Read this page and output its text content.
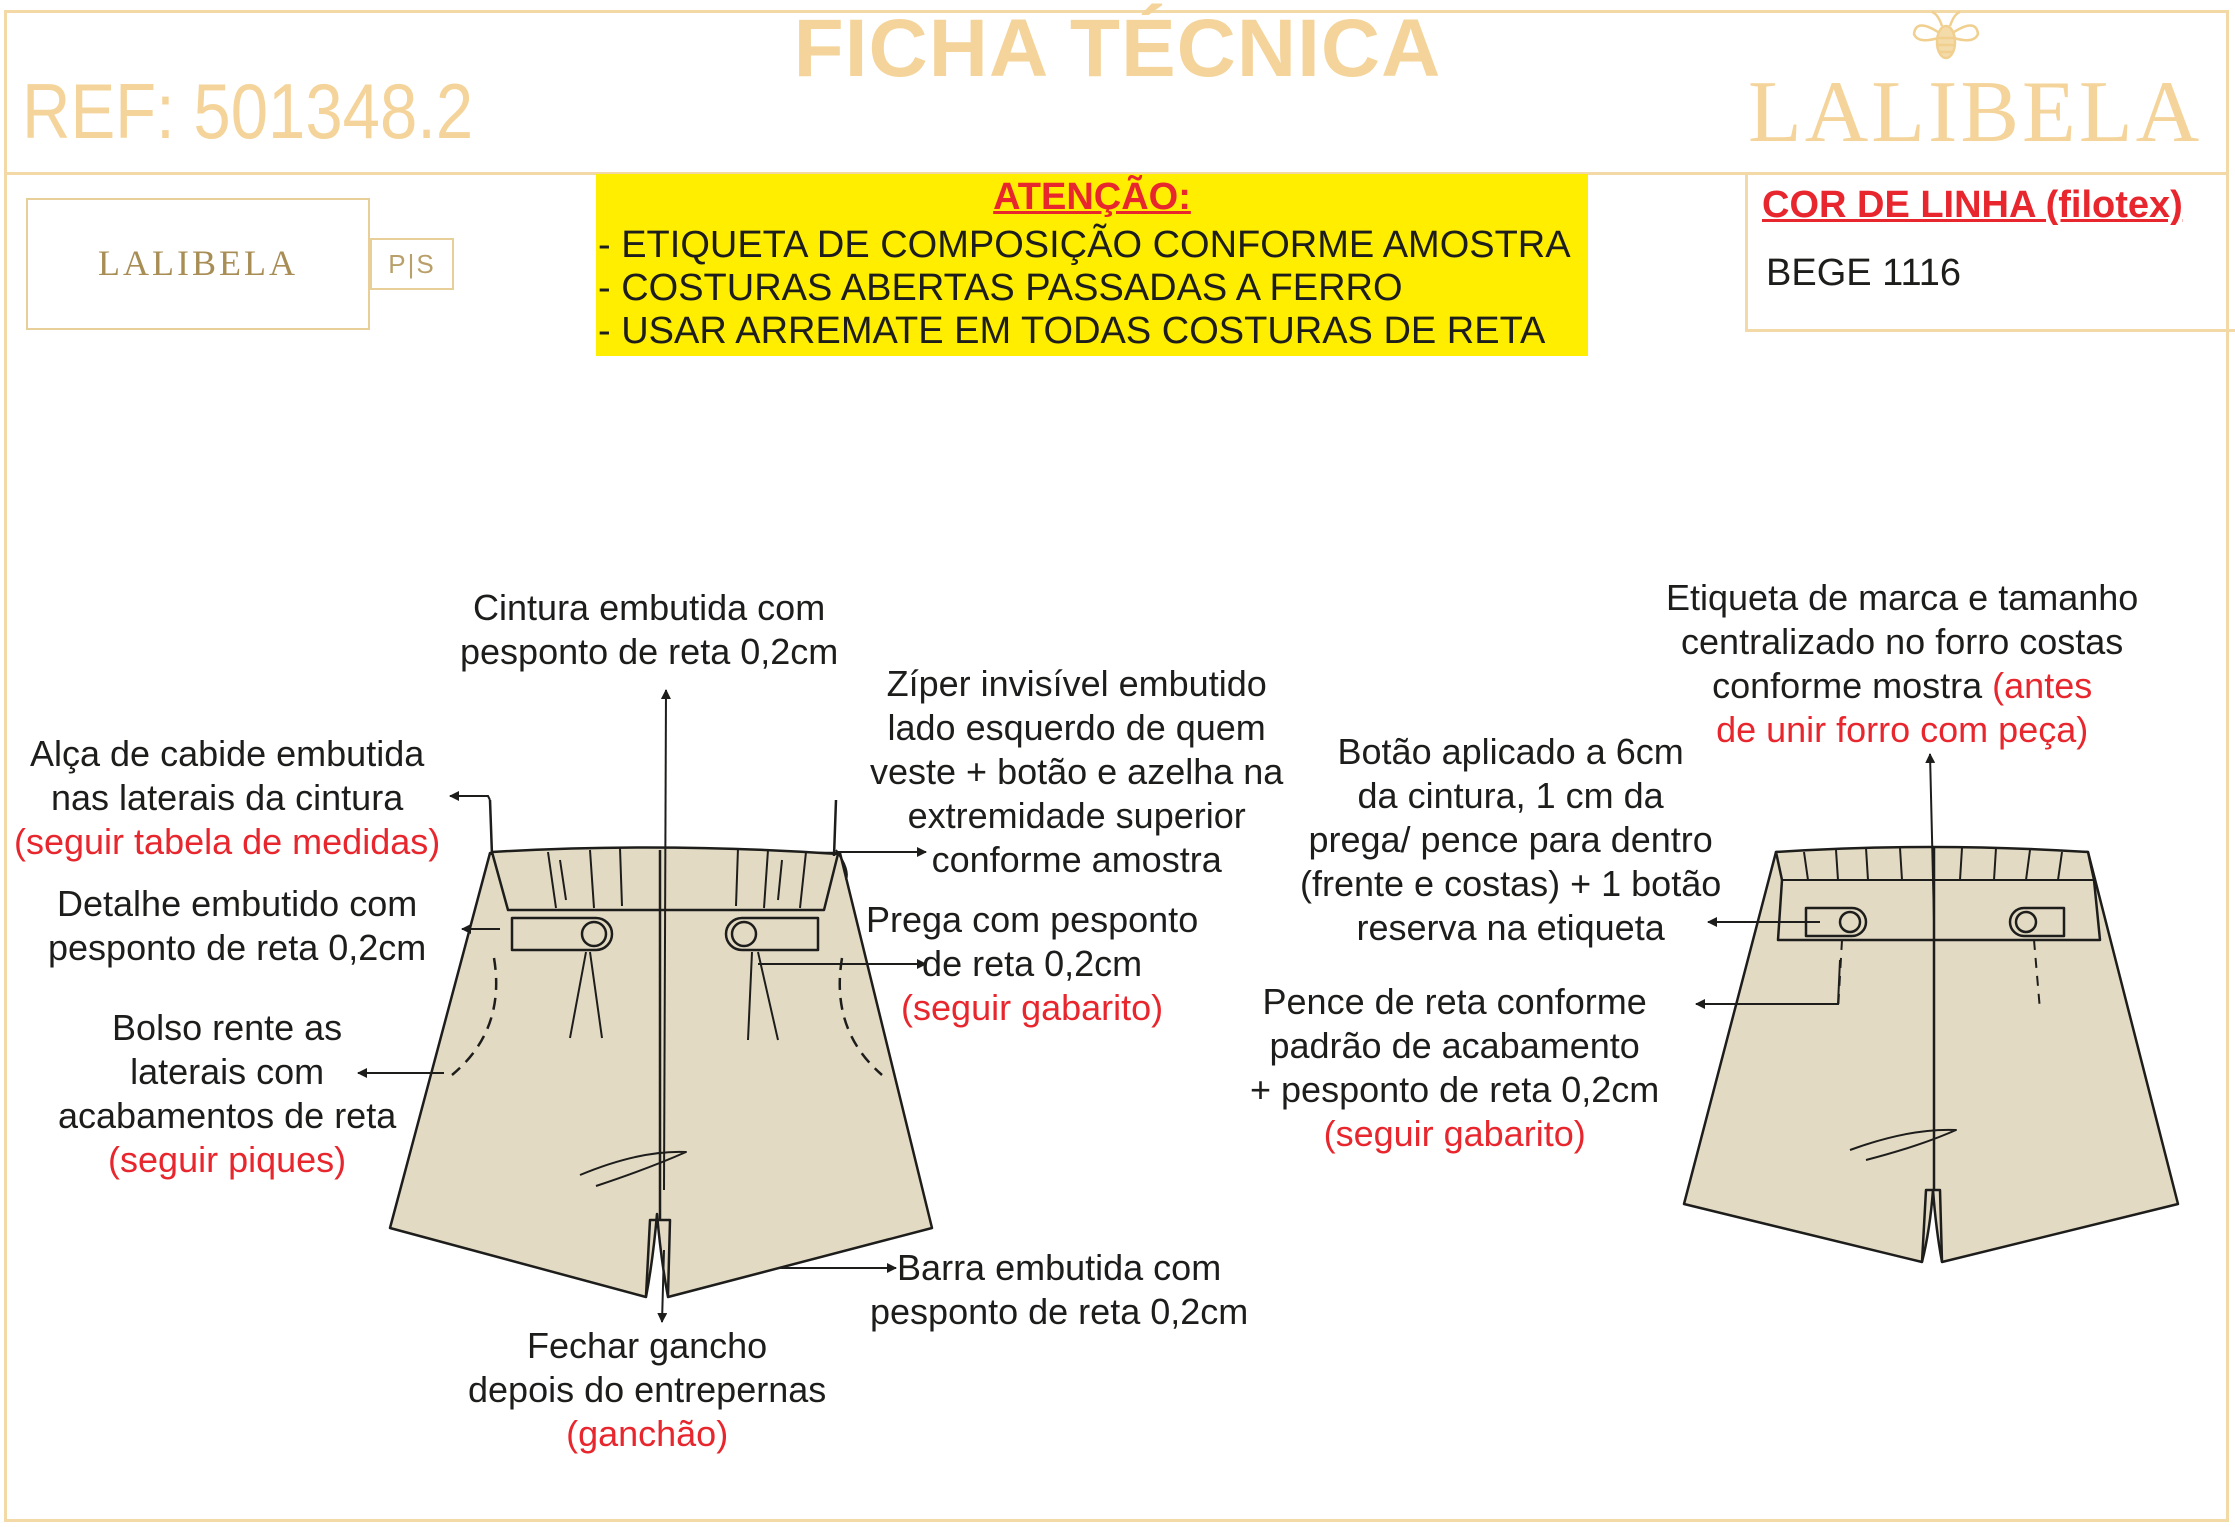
FICHA TÉCNICA
REF: 501348.2	LALIBELA
LALIBELA	P|S
ATENÇÃO:
- ETIQUETA DE COMPOSIÇÃO CONFORME AMOSTRA
- COSTURAS ABERTAS PASSADAS A FERRO
- USAR ARREMATE EM TODAS COSTURAS DE RETA
COR DE LINHA (filotex)
BEGE 1116
Cintura embutida com
pesponto de reta 0,2cm
Alça de cabide embutida
nas laterais da cintura
(seguir tabela de medidas)
Detalhe embutido com
pesponto de reta 0,2cm
Bolso rente as
laterais com
acabamentos de reta
(seguir piques)
Zíper invisível embutido
lado esquerdo de quem
veste + botão e azelha na
extremidade superior
conforme amostra
Prega com pesponto
de reta 0,2cm
(seguir gabarito)
Barra embutida com
pesponto de reta 0,2cm
Fechar gancho
depois do entrepernas
(ganchão)
Etiqueta de marca e tamanho
centralizado no forro costas
conforme mostra (antes
de unir forro com peça)
Botão aplicado a 6cm
da cintura, 1 cm da
prega/ pence para dentro
(frente e costas) + 1 botão
reserva na etiqueta
Pence de reta conforme
padrão de acabamento
+ pesponto de reta 0,2cm
(seguir gabarito)
